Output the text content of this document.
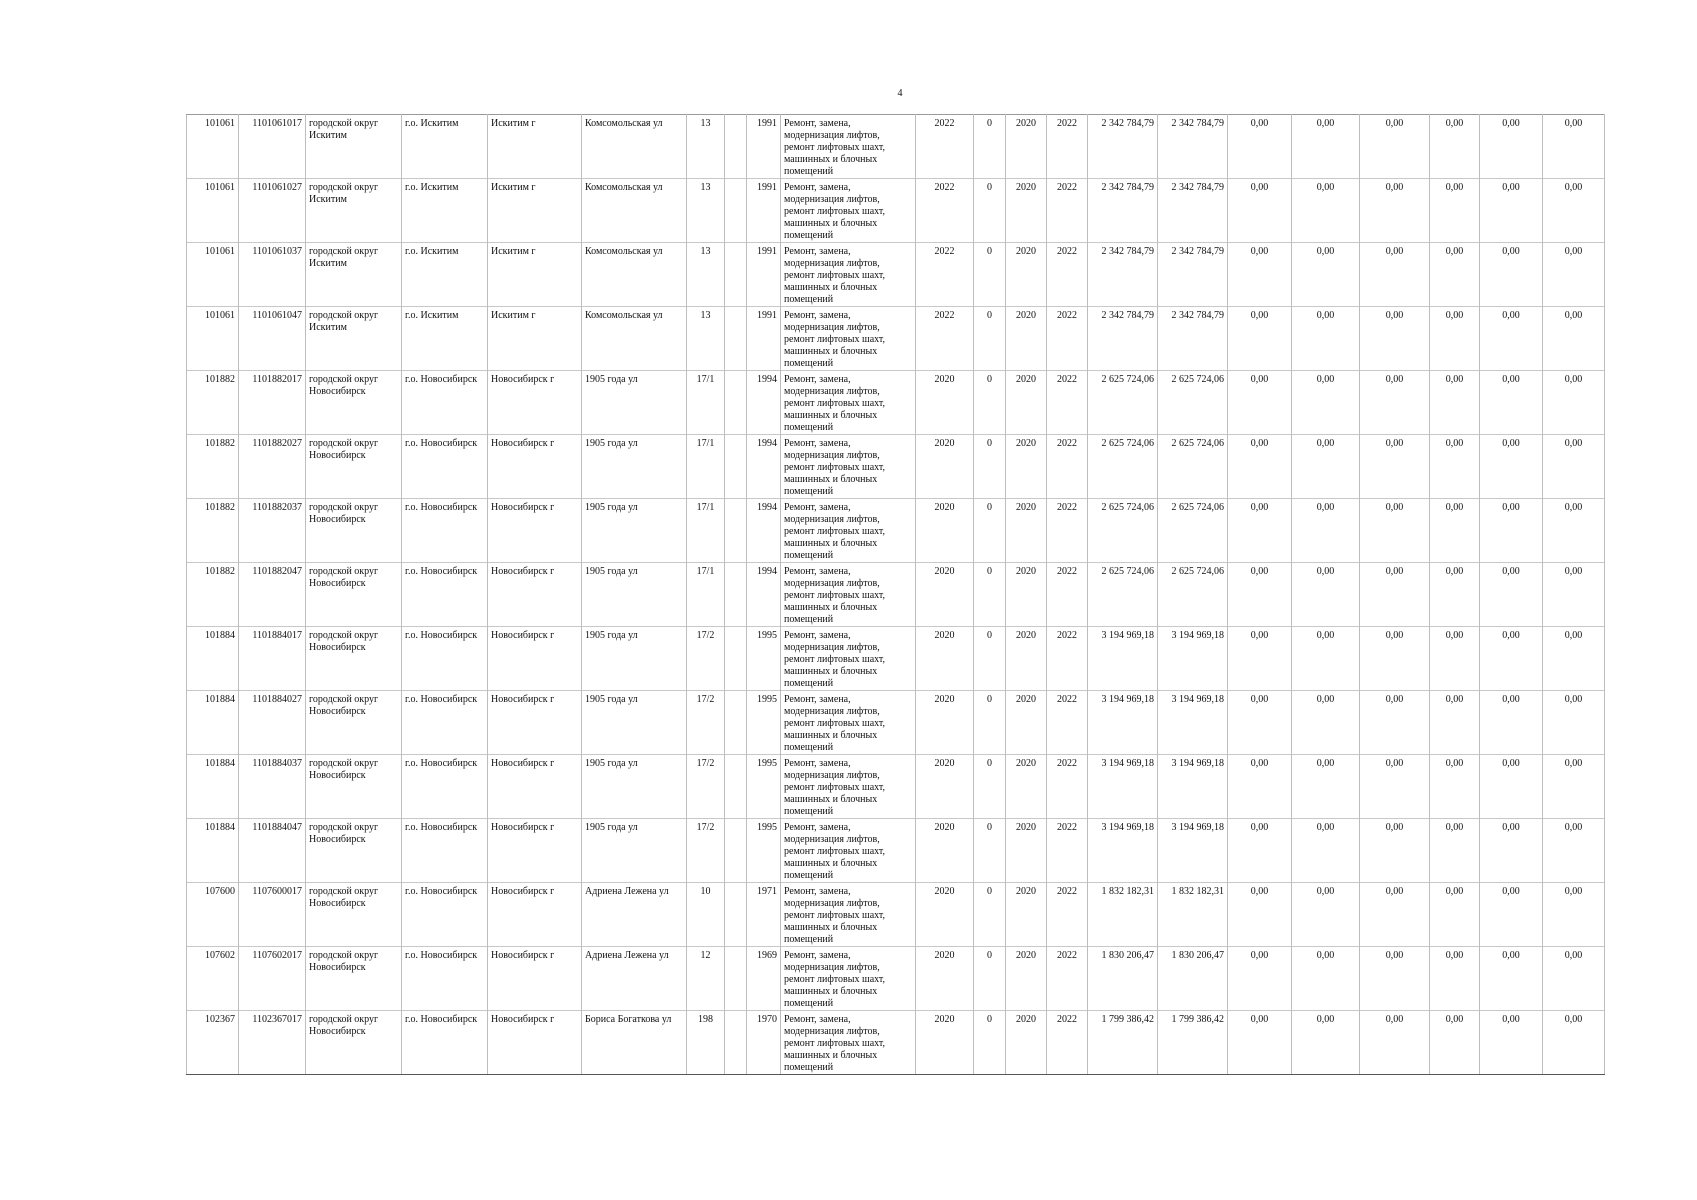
4
101061	1101061017	городской округ Искитим	г.о. Искитим	Искитим г	Комсомольская ул	13		1991	Ремонт, замена, модернизация лифтов, ремонт лифтовых шахт, машинных и блочных помещений	2022	0	2020	2022	2 342 784,79	2 342 784,79	0,00	0,00	0,00	0,00	0,00	0,00
101061	1101061027	городской округ Искитим	г.о. Искитим	Искитим г	Комсомольская ул	13		1991	Ремонт, замена, модернизация лифтов, ремонт лифтовых шахт, машинных и блочных помещений	2022	0	2020	2022	2 342 784,79	2 342 784,79	0,00	0,00	0,00	0,00	0,00	0,00
101061	1101061037	городской округ Искитим	г.о. Искитим	Искитим г	Комсомольская ул	13		1991	Ремонт, замена, модернизация лифтов, ремонт лифтовых шахт, машинных и блочных помещений	2022	0	2020	2022	2 342 784,79	2 342 784,79	0,00	0,00	0,00	0,00	0,00	0,00
101061	1101061047	городской округ Искитим	г.о. Искитим	Искитим г	Комсомольская ул	13		1991	Ремонт, замена, модернизация лифтов, ремонт лифтовых шахт, машинных и блочных помещений	2022	0	2020	2022	2 342 784,79	2 342 784,79	0,00	0,00	0,00	0,00	0,00	0,00
101882	1101882017	городской округ Новосибирск	г.о. Новосибирск	Новосибирск г	1905 года ул	17/1		1994	Ремонт, замена, модернизация лифтов, ремонт лифтовых шахт, машинных и блочных помещений	2020	0	2020	2022	2 625 724,06	2 625 724,06	0,00	0,00	0,00	0,00	0,00	0,00
101882	1101882027	городской округ Новосибирск	г.о. Новосибирск	Новосибирск г	1905 года ул	17/1		1994	Ремонт, замена, модернизация лифтов, ремонт лифтовых шахт, машинных и блочных помещений	2020	0	2020	2022	2 625 724,06	2 625 724,06	0,00	0,00	0,00	0,00	0,00	0,00
101882	1101882037	городской округ Новосибирск	г.о. Новосибирск	Новосибирск г	1905 года ул	17/1		1994	Ремонт, замена, модернизация лифтов, ремонт лифтовых шахт, машинных и блочных помещений	2020	0	2020	2022	2 625 724,06	2 625 724,06	0,00	0,00	0,00	0,00	0,00	0,00
101882	1101882047	городской округ Новосибирск	г.о. Новосибирск	Новосибирск г	1905 года ул	17/1		1994	Ремонт, замена, модернизация лифтов, ремонт лифтовых шахт, машинных и блочных помещений	2020	0	2020	2022	2 625 724,06	2 625 724,06	0,00	0,00	0,00	0,00	0,00	0,00
101884	1101884017	городской округ Новосибирск	г.о. Новосибирск	Новосибирск г	1905 года ул	17/2		1995	Ремонт, замена, модернизация лифтов, ремонт лифтовых шахт, машинных и блочных помещений	2020	0	2020	2022	3 194 969,18	3 194 969,18	0,00	0,00	0,00	0,00	0,00	0,00
101884	1101884027	городской округ Новосибирск	г.о. Новосибирск	Новосибирск г	1905 года ул	17/2		1995	Ремонт, замена, модернизация лифтов, ремонт лифтовых шахт, машинных и блочных помещений	2020	0	2020	2022	3 194 969,18	3 194 969,18	0,00	0,00	0,00	0,00	0,00	0,00
101884	1101884037	городской округ Новосибирск	г.о. Новосибирск	Новосибирск г	1905 года ул	17/2		1995	Ремонт, замена, модернизация лифтов, ремонт лифтовых шахт, машинных и блочных помещений	2020	0	2020	2022	3 194 969,18	3 194 969,18	0,00	0,00	0,00	0,00	0,00	0,00
101884	1101884047	городской округ Новосибирск	г.о. Новосибирск	Новосибирск г	1905 года ул	17/2		1995	Ремонт, замена, модернизация лифтов, ремонт лифтовых шахт, машинных и блочных помещений	2020	0	2020	2022	3 194 969,18	3 194 969,18	0,00	0,00	0,00	0,00	0,00	0,00
107600	1107600017	городской округ Новосибирск	г.о. Новосибирск	Новосибирск г	Адриена Лежена ул	10		1971	Ремонт, замена, модернизация лифтов, ремонт лифтовых шахт, машинных и блочных помещений	2020	0	2020	2022	1 832 182,31	1 832 182,31	0,00	0,00	0,00	0,00	0,00	0,00
107602	1107602017	городской округ Новосибирск	г.о. Новосибирск	Новосибирск г	Адриена Лежена ул	12		1969	Ремонт, замена, модернизация лифтов, ремонт лифтовых шахт, машинных и блочных помещений	2020	0	2020	2022	1 830 206,47	1 830 206,47	0,00	0,00	0,00	0,00	0,00	0,00
102367	1102367017	городской округ Новосибирск	г.о. Новосибирск	Новосибирск г	Бориса Богаткова ул	198		1970	Ремонт, замена, модернизация лифтов, ремонт лифтовых шахт, машинных и блочных помещений	2020	0	2020	2022	1 799 386,42	1 799 386,42	0,00	0,00	0,00	0,00	0,00	0,00
